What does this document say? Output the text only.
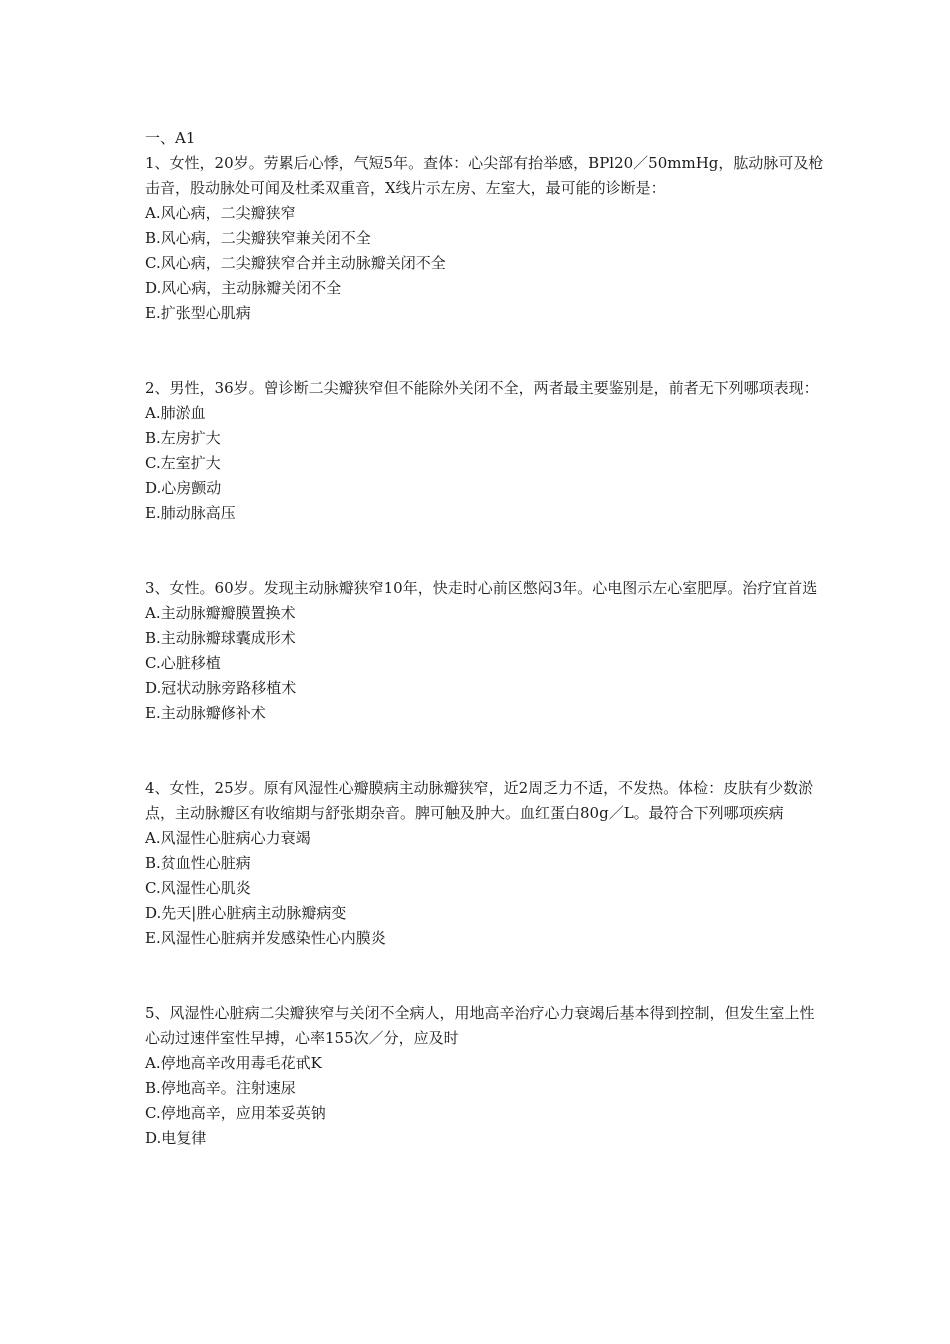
一、A1

1、女性，20岁。劳累后心悸，气短5年。查体：心尖部有抬举感，BPl20／50mmHg，肱动脉可及枪击音，股动脉处可闻及杜柔双重音，X线片示左房、左室大，最可能的诊断是：

A.风心病，二尖瓣狭窄

B.风心病，二尖瓣狭窄兼关闭不全

C.风心病，二尖瓣狭窄合并主动脉瓣关闭不全

D.风心病，主动脉瓣关闭不全

E.扩张型心肌病

2、男性，36岁。曾诊断二尖瓣狭窄但不能除外关闭不全，两者最主要鉴别是，前者无下列哪项表现：

A.肺淤血

B.左房扩大

C.左室扩大

D.心房颤动

E.肺动脉高压

3、女性。60岁。发现主动脉瓣狭窄10年，快走时心前区憋闷3年。心电图示左心室肥厚。治疗宜首选

A.主动脉瓣瓣膜置换术

B.主动脉瓣球囊成形术

C.心脏移植

D.冠状动脉旁路移植术

E.主动脉瓣修补术

4、女性，25岁。原有风湿性心瓣膜病主动脉瓣狭窄，近2周乏力不适，不发热。体检：皮肤有少数淤点，主动脉瓣区有收缩期与舒张期杂音。脾可触及肿大。血红蛋白80g／L。最符合下列哪项疾病

A.风湿性心脏病心力衰竭

B.贫血性心脏病

C.风湿性心肌炎

D.先天|胜心脏病主动脉瓣病变

E.风湿性心脏病并发感染性心内膜炎

5、风湿性心脏病二尖瓣狭窄与关闭不全病人，用地高辛治疗心力衰竭后基本得到控制，但发生室上性心动过速伴室性早搏，心率155次／分，应及时

A.停地高辛改用毒毛花甙K

B.停地高辛。注射速尿

C.停地高辛，应用苯妥英钠

D.电复律
